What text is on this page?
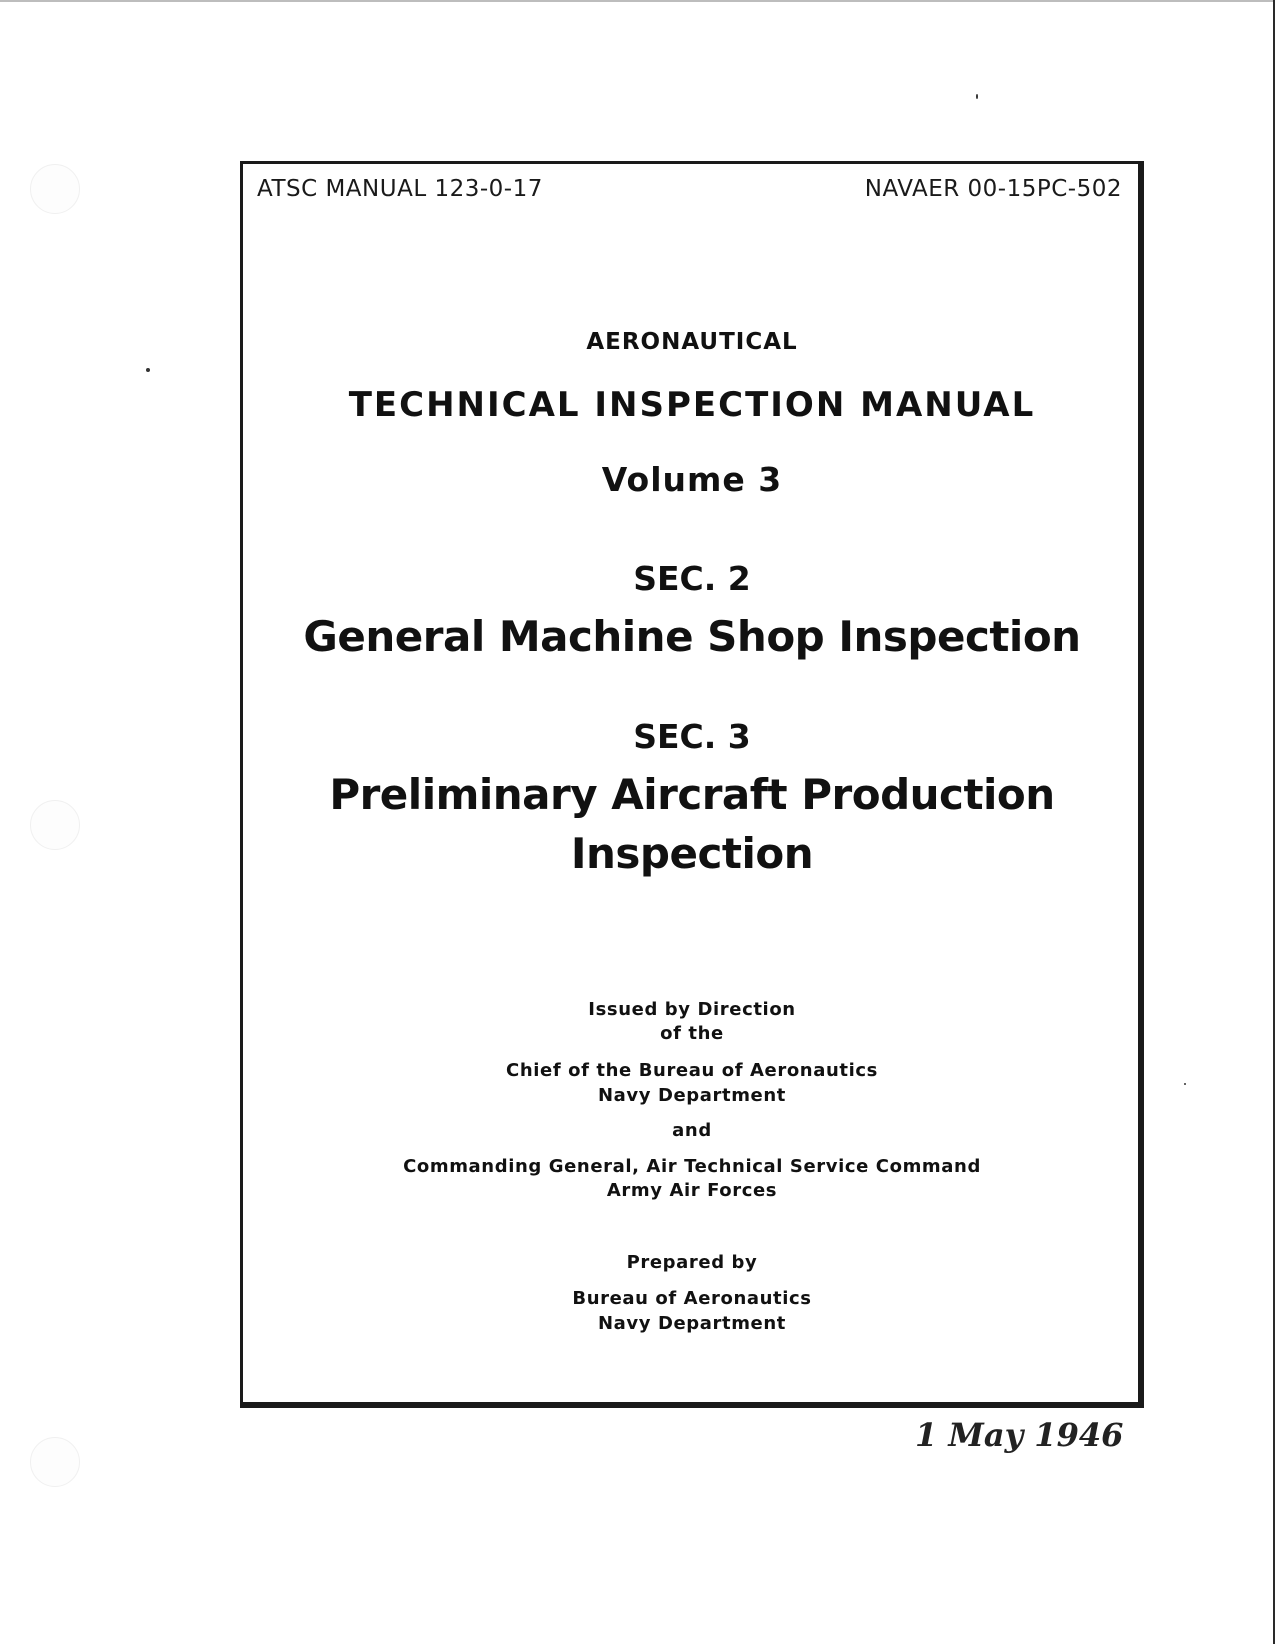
ATSC MANUAL 123-0-17	NAVAER 00-15PC-502
AERONAUTICAL
TECHNICAL INSPECTION MANUAL
Volume 3
SEC. 2
General Machine Shop Inspection
SEC. 3
Preliminary Aircraft Production
Inspection
Issued by Direction
of the
Chief of the Bureau of Aeronautics
Navy Department
and
Commanding General, Air Technical Service Command
Army Air Forces
Prepared by
Bureau of Aeronautics
Navy Department
1 May 1946
